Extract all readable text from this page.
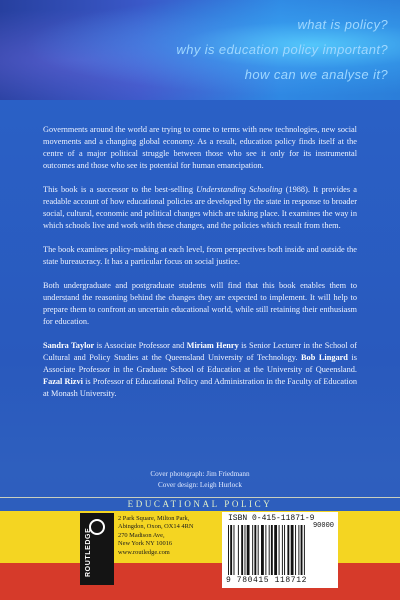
what is policy?
why is education policy important?
how can we analyse it?

Governments around the world are trying to come to terms with new technologies, new social movements and a changing global economy. As a result, education policy finds itself at the centre of a major political struggle between those who see it only for its instrumental outcomes and those who see its potential for human emancipation.

This book is a successor to the best-selling Understanding Schooling (1988). It provides a readable account of how educational policies are developed by the state in response to broader social, cultural, economic and political changes which are taking place. It examines the way in which schools live and work with these changes, and the policies which result from them.

The book examines policy-making at each level, from perspectives both inside and outside the state bureaucracy. It has a particular focus on social justice.

Both undergraduate and postgraduate students will find that this book enables them to understand the reasoning behind the changes they are expected to implement. It will help to prepare them to confront an uncertain educational world, while still retaining their enthusiasm for education.

Sandra Taylor is Associate Professor and Miriam Henry is Senior Lecturer in the School of Cultural and Policy Studies at the Queensland University of Technology. Bob Lingard is Associate Professor in the Graduate School of Education at the University of Queensland. Fazal Rizvi is Professor of Educational Policy and Administration in the Faculty of Education at Monash University.

Cover photograph: Jim Friedmann
Cover design: Leigh Hurlock
EDUCATIONAL POLICY
ROUTLEDGE
2 Park Square, Milton Park,
Abingdon, Oxon, OX14 4RN
270 Madison Ave,
New York NY 10016
www.routledge.com
ISBN 0-415-11871-9
90000
9 780415 118712
